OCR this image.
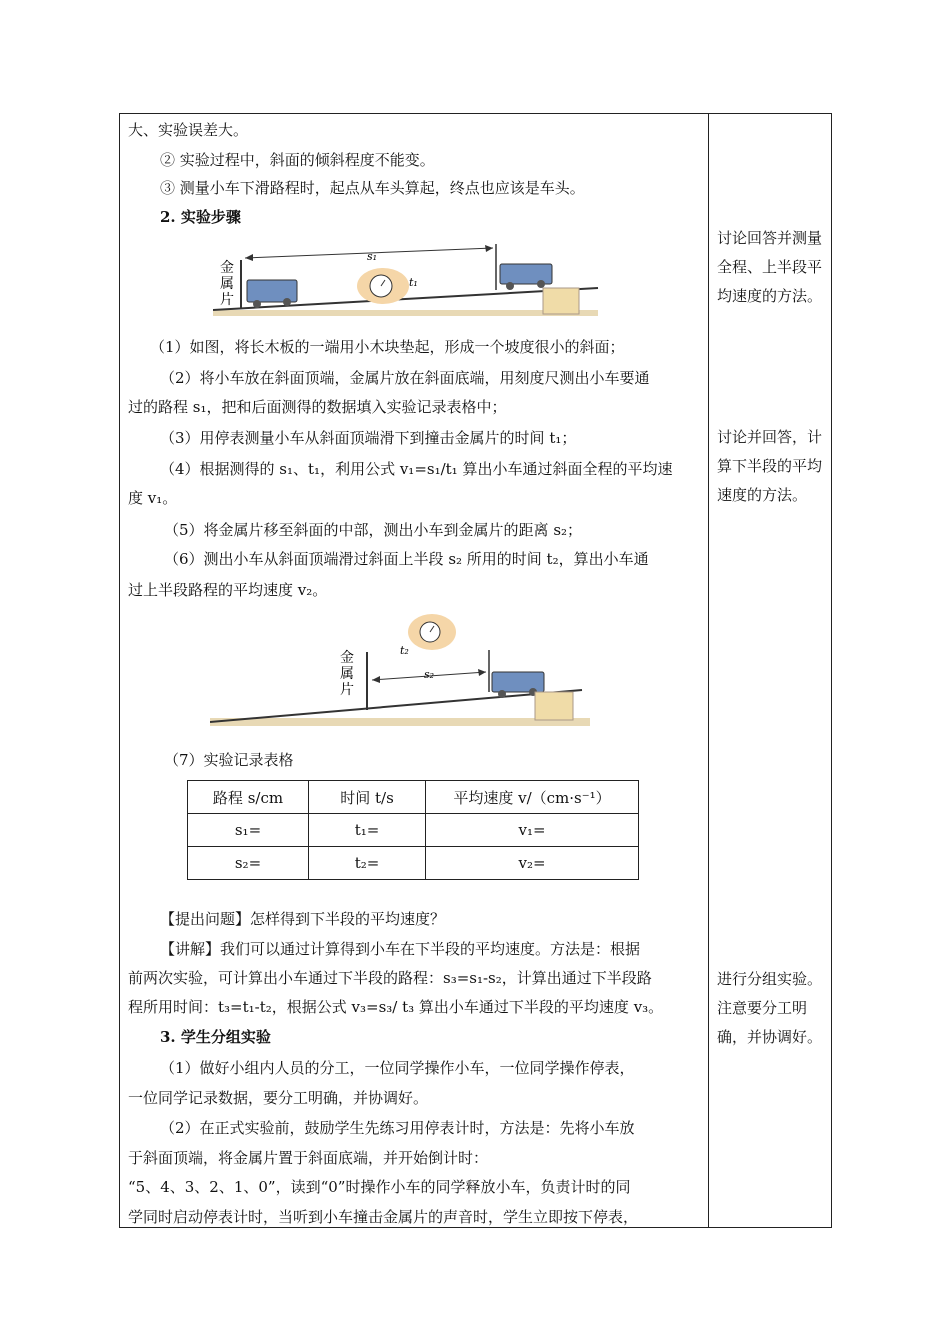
大、实验误差大。
② 实验过程中，斜面的倾斜程度不能变。
③ 测量小车下滑路程时，起点从车头算起，终点也应该是车头。
2. 实验步骤
金属片
s₁
t₁
（1）如图，将长木板的一端用小木块垫起，形成一个坡度很小的斜面；
（2）将小车放在斜面顶端，金属片放在斜面底端，用刻度尺测出小车要通
过的路程 s₁，把和后面测得的数据填入实验记录表格中；
（3）用停表测量小车从斜面顶端滑下到撞击金属片的时间 t₁；
（4）根据测得的 s₁、t₁，利用公式 v₁=s₁/t₁ 算出小车通过斜面全程的平均速
度 v₁。
（5）将金属片移至斜面的中部，测出小车到金属片的距离 s₂；
（6）测出小车从斜面顶端滑过斜面上半段 s₂ 所用的时间 t₂，算出小车通
过上半段路程的平均速度 v₂。
金属片
s₂
t₂
（7）实验记录表格
路程 s/cm	时间 t/s	平均速度 v/（cm·s⁻¹）
s₁=	t₁=	v₁=
s₂=	t₂=	v₂=
【提出问题】怎样得到下半段的平均速度？
【讲解】我们可以通过计算得到小车在下半段的平均速度。方法是：根据
前两次实验，可计算出小车通过下半段的路程：s₃=s₁-s₂，计算出通过下半段路
程所用时间：t₃=t₁-t₂，根据公式 v₃=s₃/ t₃ 算出小车通过下半段的平均速度 v₃。
3. 学生分组实验
（1）做好小组内人员的分工，一位同学操作小车，一位同学操作停表，
一位同学记录数据，要分工明确，并协调好。
（2）在正式实验前，鼓励学生先练习用停表计时，方法是：先将小车放
于斜面顶端，将金属片置于斜面底端，并开始倒计时：
“5、4、3、2、1、0”，读到“0”时操作小车的同学释放小车，负责计时的同
学同时启动停表计时，当听到小车撞击金属片的声音时，学生立即按下停表，
讨论回答并测量全程、上半段平均速度的方法。
讨论并回答，计算下半段的平均速度的方法。
进行分组实验。注意要分工明确，并协调好。
